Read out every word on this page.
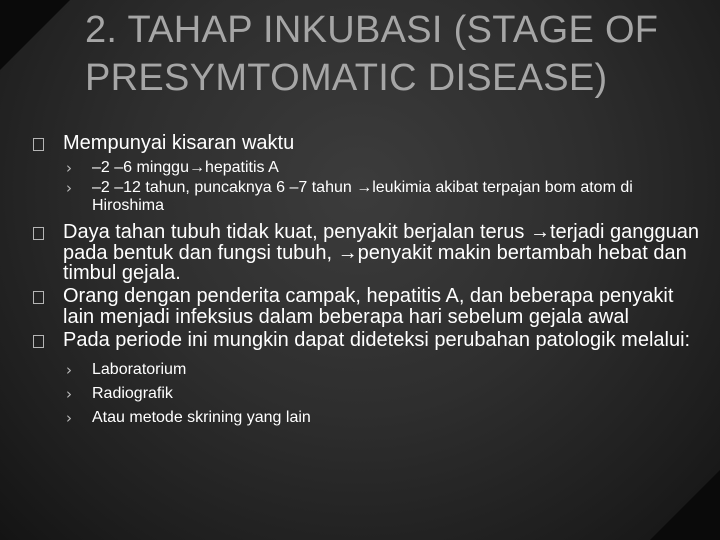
2. TAHAP INKUBASI (STAGE OF PRESYMTOMATIC DISEASE)
Mempunyai kisaran waktu
› –2 –6 minggu→hepatitis A
› –2 –12 tahun, puncaknya 6 –7 tahun →leukimia akibat terpajan bom atom di Hiroshima
Daya tahan tubuh tidak kuat, penyakit berjalan terus →terjadi gangguan pada bentuk dan fungsi tubuh, →penyakit makin bertambah hebat dan timbul gejala.
Orang dengan penderita campak, hepatitis A, dan beberapa penyakit lain menjadi infeksius dalam beberapa hari sebelum gejala awal
Pada periode ini mungkin dapat dideteksi perubahan patologik melalui:
› Laboratorium
› Radiografik
› Atau metode skrining yang lain
